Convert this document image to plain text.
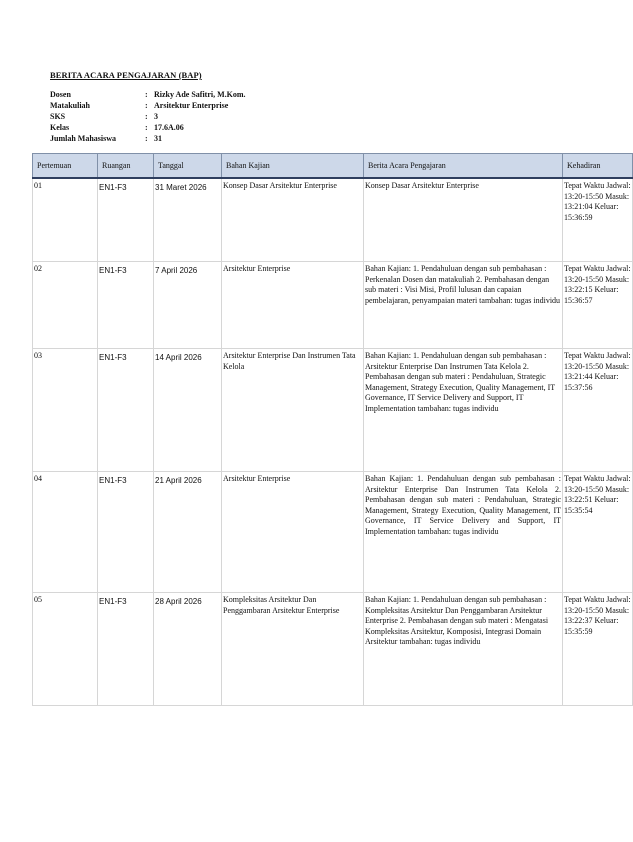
BERITA ACARA PENGAJARAN (BAP)
Dosen	: Rizky Ade Safitri, M.Kom.
Matakuliah	: Arsitektur Enterprise
SKS	: 3
Kelas	: 17.6A.06
Jumlah Mahasiswa	: 31
Pertemuan	Ruangan	Tanggal	Bahan Kajian	Berita Acara Pengajaran	Kehadiran
01	EN1-F3	31 Maret 2026	Konsep Dasar Arsitektur Enterprise	Konsep Dasar Arsitektur Enterprise	Tepat Waktu Jadwal: 13:20-15:50 Masuk: 13:21:04 Keluar: 15:36:59
02	EN1-F3	7 April 2026	Arsitektur Enterprise	Bahan Kajian: 1. Pendahuluan dengan sub pembahasan : Perkenalan Dosen dan matakuliah 2. Pembahasan dengan sub materi : Visi Misi, Profil lulusan dan capaian pembelajaran, penyampaian materi tambahan: tugas individu	Tepat Waktu Jadwal: 13:20-15:50 Masuk: 13:22:15 Keluar: 15:36:57
03	EN1-F3	14 April 2026	Arsitektur Enterprise Dan Instrumen Tata Kelola	Bahan Kajian: 1. Pendahuluan dengan sub pembahasan : Arsitektur Enterprise Dan Instrumen Tata Kelola 2. Pembahasan dengan sub materi : Pendahuluan, Strategic Management, Strategy Execution, Quality Management, IT Governance, IT Service Delivery and Support, IT Implementation tambahan: tugas individu	Tepat Waktu Jadwal: 13:20-15:50 Masuk: 13:21:44 Keluar: 15:37:56
04	EN1-F3	21 April 2026	Arsitektur Enterprise	Bahan Kajian: 1. Pendahuluan dengan sub pembahasan : Arsitektur Enterprise Dan Instrumen Tata Kelola 2. Pembahasan dengan sub materi : Pendahuluan, Strategic Management, Strategy Execution, Quality Management, IT Governance, IT Service Delivery and Support, IT Implementation tambahan: tugas individu	Tepat Waktu Jadwal: 13:20-15:50 Masuk: 13:22:51 Keluar: 15:35:54
05	EN1-F3	28 April 2026	Kompleksitas Arsitektur Dan Penggambaran Arsitektur Enterprise	Bahan Kajian: 1. Pendahuluan dengan sub pembahasan : Kompleksitas Arsitektur Dan Penggambaran Arsitektur Enterprise 2. Pembahasan dengan sub materi : Mengatasi Kompleksitas Arsitektur, Komposisi, Integrasi Domain Arsitektur tambahan: tugas individu	Tepat Waktu Jadwal: 13:20-15:50 Masuk: 13:22:37 Keluar: 15:35:59
